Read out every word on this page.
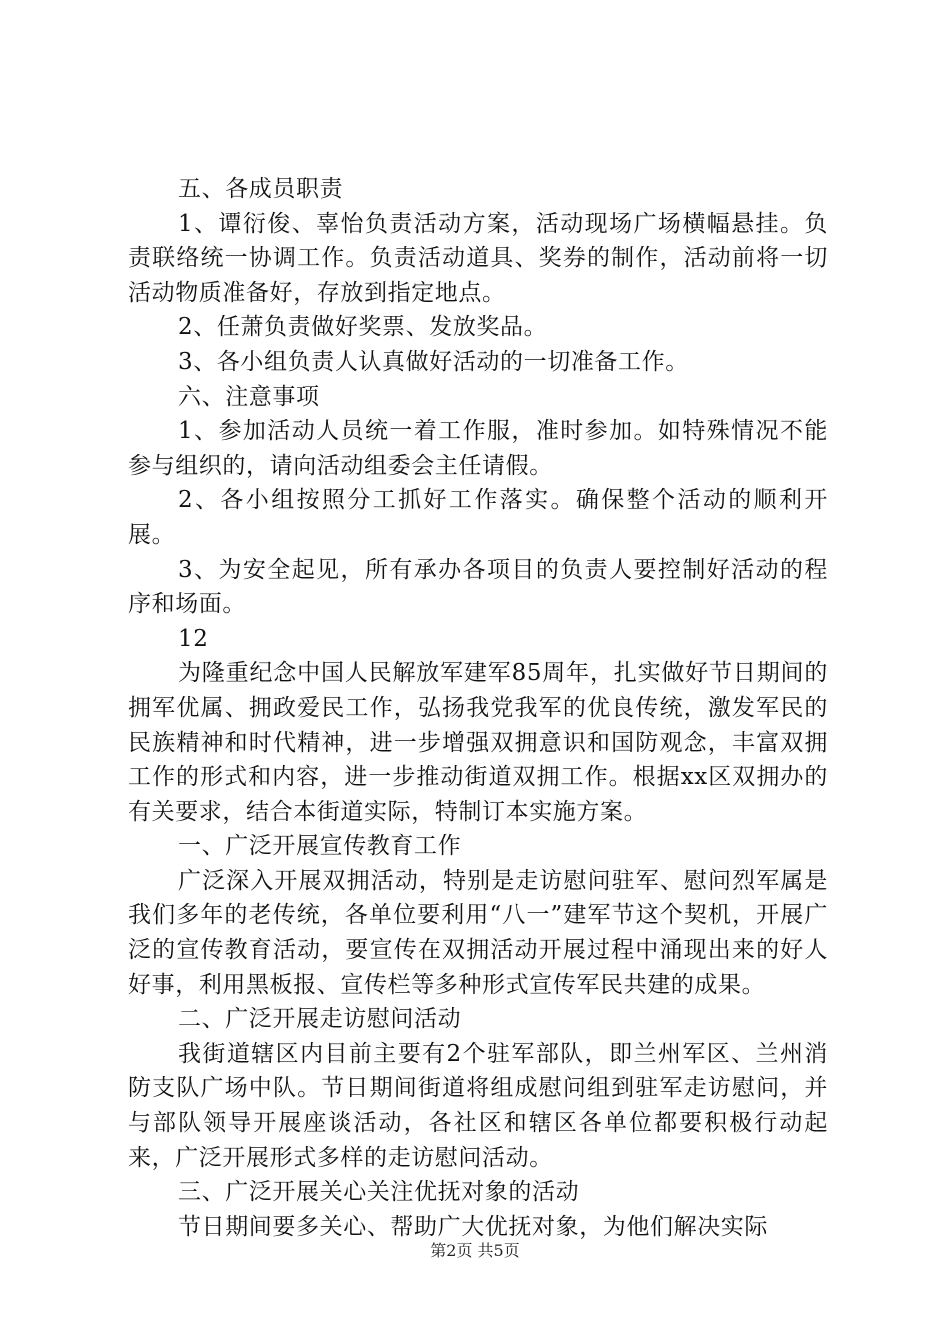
五、各成员职责

1、谭衍俊、辜怡负责活动方案，活动现场广场横幅悬挂。负责联络统一协调工作。负责活动道具、奖券的制作，活动前将一切活动物质准备好，存放到指定地点。

2、任萧负责做好奖票、发放奖品。

3、各小组负责人认真做好活动的一切准备工作。

六、注意事项

1、参加活动人员统一着工作服，准时参加。如特殊情况不能参与组织的，请向活动组委会主任请假。

2、各小组按照分工抓好工作落实。确保整个活动的顺利开展。

3、为安全起见，所有承办各项目的负责人要控制好活动的程序和场面。

12

为隆重纪念中国人民解放军建军85周年，扎实做好节日期间的拥军优属、拥政爱民工作，弘扬我党我军的优良传统，激发军民的民族精神和时代精神，进一步增强双拥意识和国防观念，丰富双拥工作的形式和内容，进一步推动街道双拥工作。根据xx区双拥办的有关要求，结合本街道实际，特制订本实施方案。

一、广泛开展宣传教育工作

广泛深入开展双拥活动，特别是走访慰问驻军、慰问烈军属是我们多年的老传统，各单位要利用“八一”建军节这个契机，开展广泛的宣传教育活动，要宣传在双拥活动开展过程中涌现出来的好人好事，利用黑板报、宣传栏等多种形式宣传军民共建的成果。

二、广泛开展走访慰问活动

我街道辖区内目前主要有2个驻军部队，即兰州军区、兰州消防支队广场中队。节日期间街道将组成慰问组到驻军走访慰问，并与部队领导开展座谈活动，各社区和辖区各单位都要积极行动起来，广泛开展形式多样的走访慰问活动。

三、广泛开展关心关注优抚对象的活动

节日期间要多关心、帮助广大优抚对象，为他们解决实际

第2页 共5页
